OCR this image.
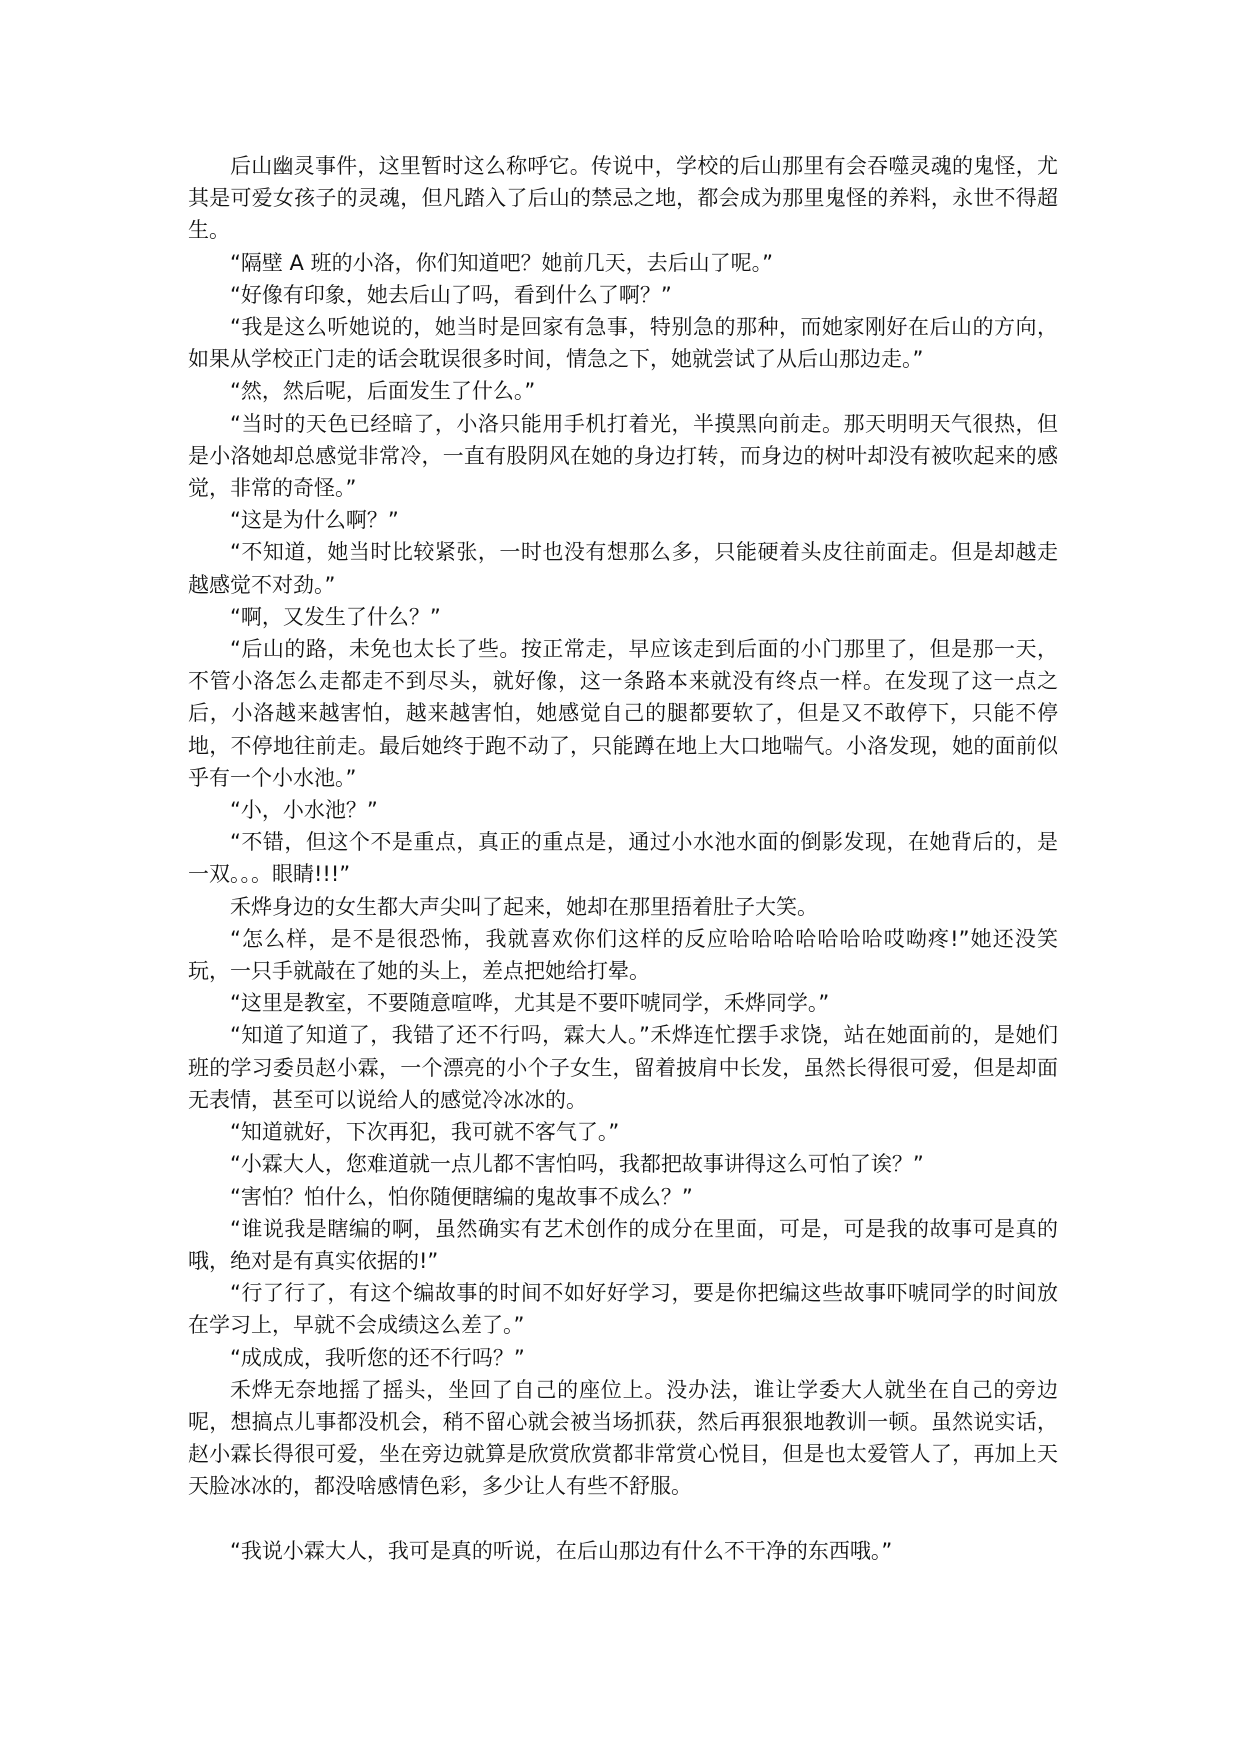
后山幽灵事件，这里暂时这么称呼它。传说中，学校的后山那里有会吞噬灵魂的鬼怪，尤其是可爱女孩子的灵魂，但凡踏入了后山的禁忌之地，都会成为那里鬼怪的养料，永世不得超生。

“隔壁 A 班的小洛，你们知道吧？她前几天，去后山了呢。”

“好像有印象，她去后山了吗，看到什么了啊？”

“我是这么听她说的，她当时是回家有急事，特别急的那种，而她家刚好在后山的方向，如果从学校正门走的话会耽误很多时间，情急之下，她就尝试了从后山那边走。”

“然，然后呢，后面发生了什么。”

“当时的天色已经暗了，小洛只能用手机打着光，半摸黑向前走。那天明明天气很热，但是小洛她却总感觉非常冷，一直有股阴风在她的身边打转，而身边的树叶却没有被吹起来的感觉，非常的奇怪。”

“这是为什么啊？”

“不知道，她当时比较紧张，一时也没有想那么多，只能硬着头皮往前面走。但是却越走越感觉不对劲。”

“啊，又发生了什么？”

“后山的路，未免也太长了些。按正常走，早应该走到后面的小门那里了，但是那一天，不管小洛怎么走都走不到尽头，就好像，这一条路本来就没有终点一样。在发现了这一点之后，小洛越来越害怕，越来越害怕，她感觉自己的腿都要软了，但是又不敢停下，只能不停地，不停地往前走。最后她终于跑不动了，只能蹲在地上大口地喘气。小洛发现，她的面前似乎有一个小水池。”

“小，小水池？”

“不错，但这个不是重点，真正的重点是，通过小水池水面的倒影发现，在她背后的，是一双。。。眼睛!!!”

禾烨身边的女生都大声尖叫了起来，她却在那里捂着肚子大笑。

“怎么样，是不是很恐怖，我就喜欢你们这样的反应哈哈哈哈哈哈哈哎呦疼!”她还没笑玩，一只手就敲在了她的头上，差点把她给打晕。

“这里是教室，不要随意喧哗，尤其是不要吓唬同学，禾烨同学。”

“知道了知道了，我错了还不行吗，霖大人。”禾烨连忙摆手求饶，站在她面前的，是她们班的学习委员赵小霖，一个漂亮的小个子女生，留着披肩中长发，虽然长得很可爱，但是却面无表情，甚至可以说给人的感觉冷冰冰的。

“知道就好，下次再犯，我可就不客气了。”

“小霖大人，您难道就一点儿都不害怕吗，我都把故事讲得这么可怕了诶？”

“害怕？怕什么，怕你随便瞎编的鬼故事不成么？”

“谁说我是瞎编的啊，虽然确实有艺术创作的成分在里面，可是，可是我的故事可是真的哦，绝对是有真实依据的!”

“行了行了，有这个编故事的时间不如好好学习，要是你把编这些故事吓唬同学的时间放在学习上，早就不会成绩这么差了。”

“成成成，我听您的还不行吗？”

禾烨无奈地摇了摇头，坐回了自己的座位上。没办法，谁让学委大人就坐在自己的旁边呢，想搞点儿事都没机会，稍不留心就会被当场抓获，然后再狠狠地教训一顿。虽然说实话，赵小霖长得很可爱，坐在旁边就算是欣赏欣赏都非常赏心悦目，但是也太爱管人了，再加上天天脸冰冰的，都没啥感情色彩，多少让人有些不舒服。

“我说小霖大人，我可是真的听说，在后山那边有什么不干净的东西哦。”
